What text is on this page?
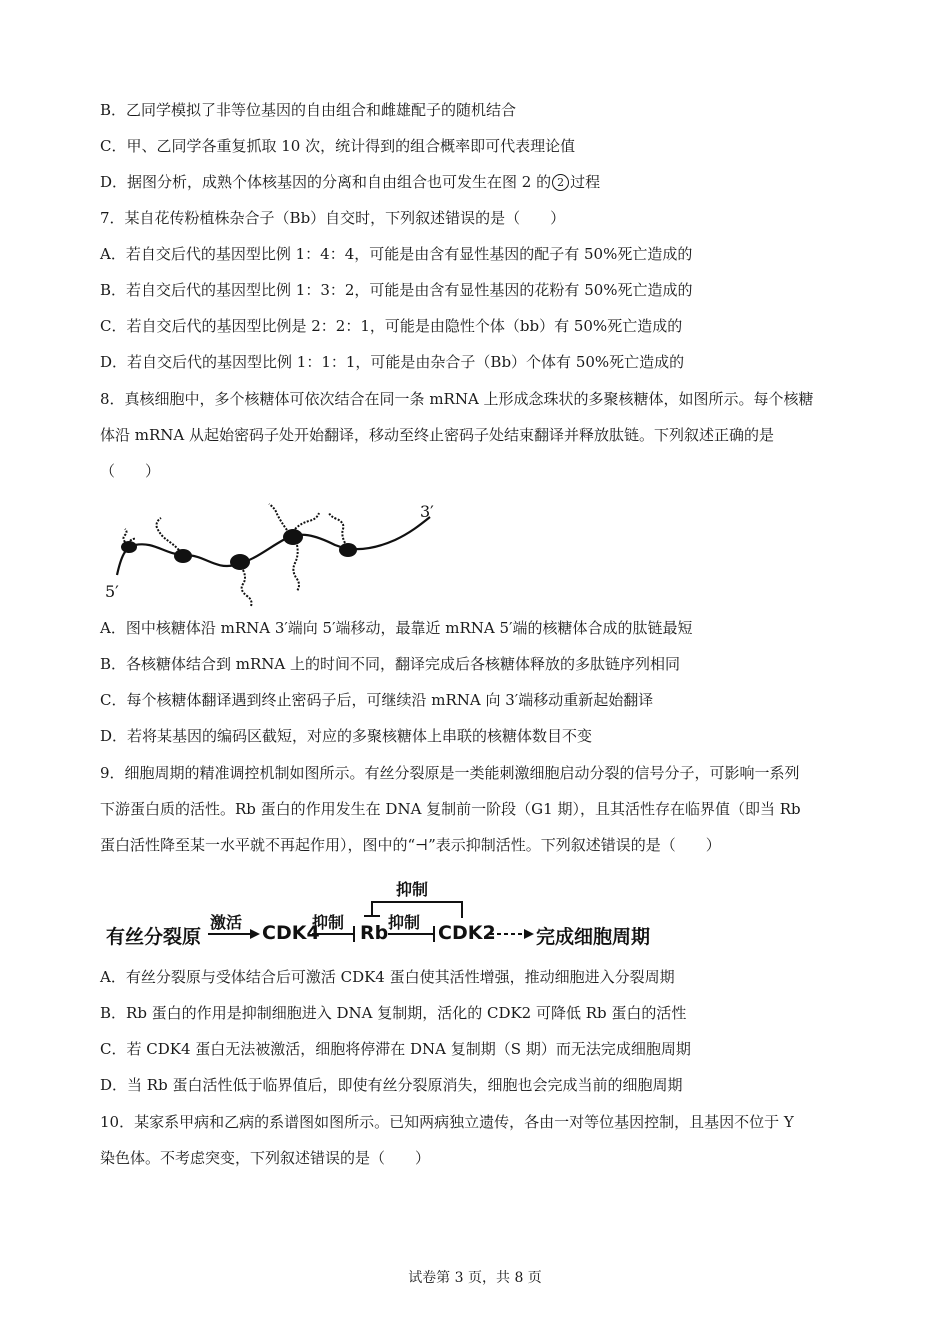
B．乙同学模拟了非等位基因的自由组合和雌雄配子的随机结合
C．甲、乙同学各重复抓取 10 次，统计得到的组合概率即可代表理论值
D．据图分析，成熟个体核基因的分离和自由组合也可发生在图 2 的 2 过程
7．某自花传粉植株杂合子（Bb）自交时，下列叙述错误的是（　　）
A．若自交后代的基因型比例 1：4：4，可能是由含有显性基因的配子有 50%死亡造成的
B．若自交后代的基因型比例 1：3：2，可能是由含有显性基因的花粉有 50%死亡造成的
C．若自交后代的基因型比例是 2：2：1，可能是由隐性个体（bb）有 50%死亡造成的
D．若自交后代的基因型比例 1：1：1，可能是由杂合子（Bb）个体有 50%死亡造成的
8．真核细胞中，多个核糖体可依次结合在同一条 mRNA 上形成念珠状的多聚核糖体，如图所示。每个核糖
体沿 mRNA 从起始密码子处开始翻译，移动至终止密码子处结束翻译并释放肽链。下列叙述正确的是
（　　）
3′
5′
A．图中核糖体沿 mRNA 3′端向 5′端移动，最靠近 mRNA 5′端的核糖体合成的肽链最短
B．各核糖体结合到 mRNA 上的时间不同，翻译完成后各核糖体释放的多肽链序列相同
C．每个核糖体翻译遇到终止密码子后，可继续沿 mRNA 向 3′端移动重新起始翻译
D．若将某基因的编码区截短，对应的多聚核糖体上串联的核糖体数目不变
9．细胞周期的精准调控机制如图所示。有丝分裂原是一类能刺激细胞启动分裂的信号分子，可影响一系列
下游蛋白质的活性。Rb 蛋白的作用发生在 DNA 复制前一阶段（G1 期），且其活性存在临界值（即当 Rb
蛋白活性降至某一水平就不再起作用），图中的“⊣”表示抑制活性。下列叙述错误的是（　　）
有丝分裂原
激活 CDK4
抑制 Rb 抑制 CDK2
抑制
完成细胞周期
A．有丝分裂原与受体结合后可激活 CDK4 蛋白使其活性增强，推动细胞进入分裂周期
B．Rb 蛋白的作用是抑制细胞进入 DNA 复制期，活化的 CDK2 可降低 Rb 蛋白的活性
C．若 CDK4 蛋白无法被激活，细胞将停滞在 DNA 复制期（S 期）而无法完成细胞周期
D．当 Rb 蛋白活性低于临界值后，即使有丝分裂原消失，细胞也会完成当前的细胞周期
10．某家系甲病和乙病的系谱图如图所示。已知两病独立遗传，各由一对等位基因控制，且基因不位于 Y
染色体。不考虑突变，下列叙述错误的是（　　）
试卷第 3 页，共 8 页
